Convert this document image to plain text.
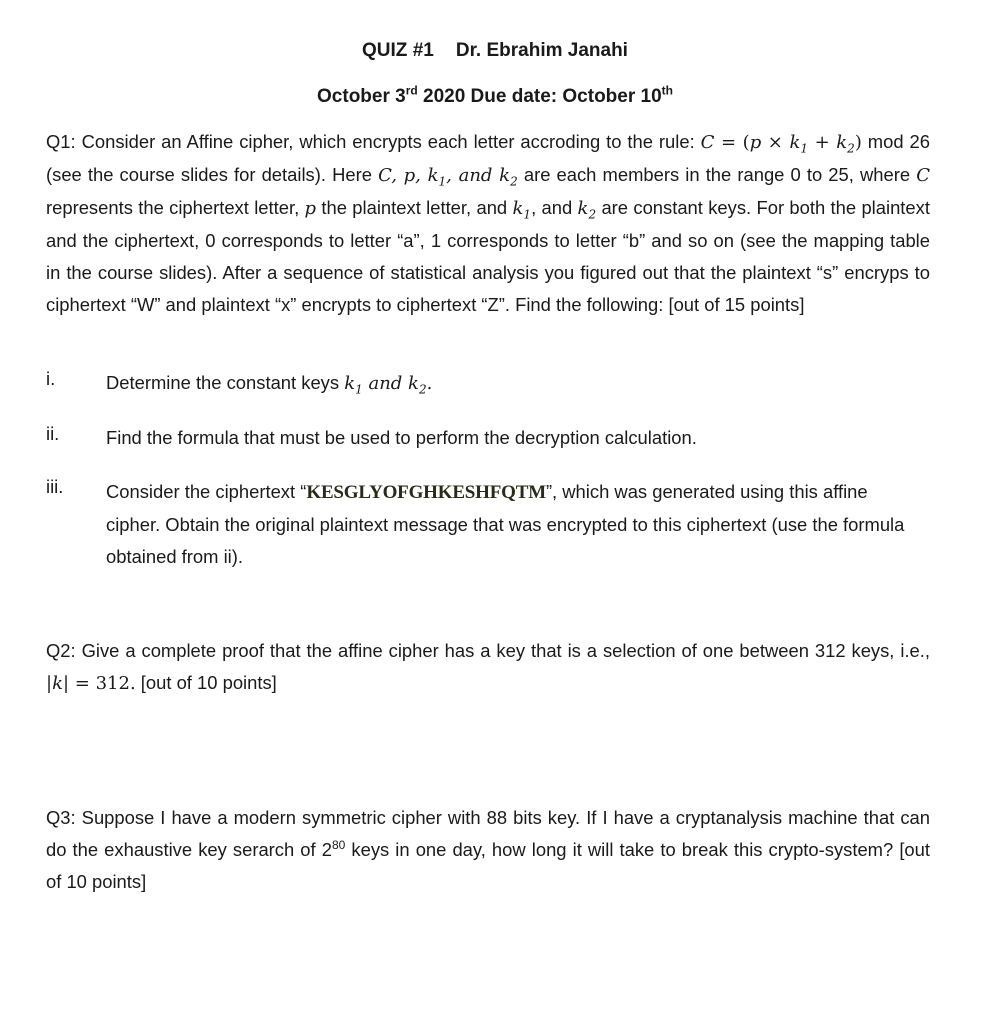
QUIZ #1 Dr. Ebrahim Janahi
October 3rd 2020 Due date: October 10th
Q1: Consider an Affine cipher, which encrypts each letter accroding to the rule: $C = (p \times k_1 + k_2)$ mod 26 (see the course slides for details). Here C, p, $k_1$, and $k_2$ are each members in the range 0 to 25, where C represents the ciphertext letter, p the plaintext letter, and $k_1$, and $k_2$ are constant keys. For both the plaintext and the ciphertext, 0 corresponds to letter “a”, 1 corresponds to letter “b” and so on (see the mapping table in the course slides). After a sequence of statistical analysis you figured out that the plaintext “s” encryps to ciphertext “W” and plaintext “x” encrypts to ciphertext “Z”. Find the following: [out of 15 points]
i.	Determine the constant keys $k_1$ and $k_2$.
ii.	Find the formula that must be used to perform the decryption calculation.
iii.	Consider the ciphertext “KESGLYOFGHKESHFQTM”, which was generated using this affine cipher. Obtain the original plaintext message that was encrypted to this ciphertext (use the formula obtained from ii).
Q2: Give a complete proof that the affine cipher has a key that is a selection of one between 312 keys, i.e., |k| = 312. [out of 10 points]
Q3: Suppose I have a modern symmetric cipher with 88 bits key. If I have a cryptanalysis machine that can do the exhaustive key serarch of $2^{80}$ keys in one day, how long it will take to break this crypto-system? [out of 10 points]
